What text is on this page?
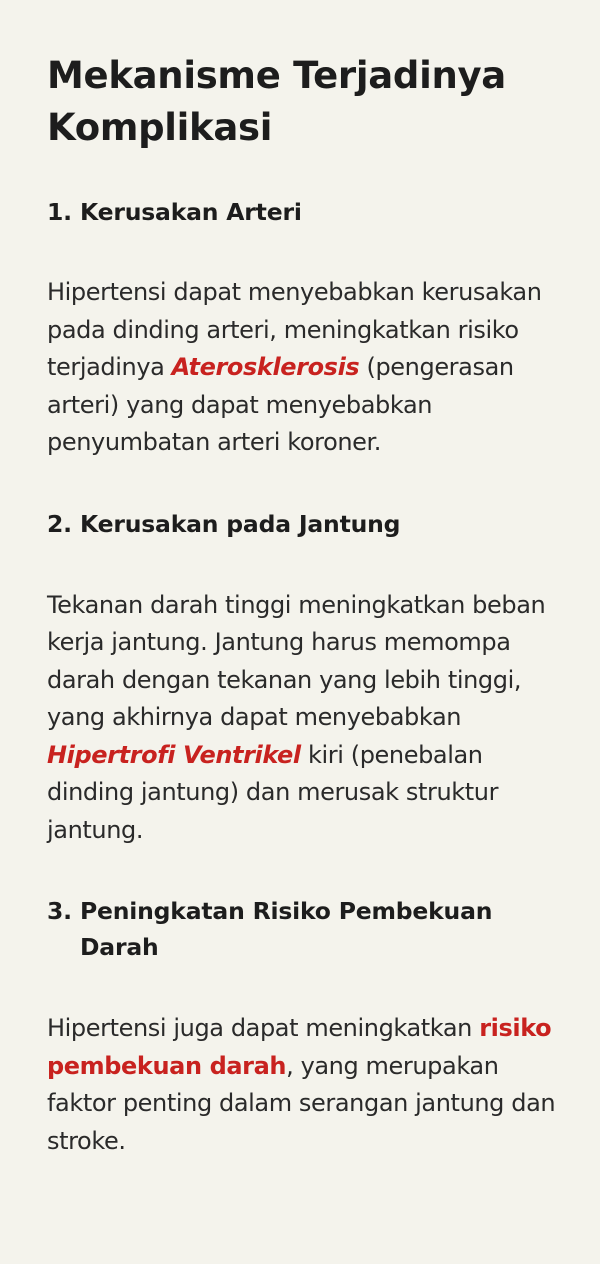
Mekanisme Terjadinya Komplikasi
1. Kerusakan Arteri

Hipertensi dapat menyebabkan kerusakan pada dinding arteri, meningkatkan risiko terjadinya Aterosklerosis (pengerasan arteri) yang dapat menyebabkan penyumbatan arteri koroner.

2. Kerusakan pada Jantung

Tekanan darah tinggi meningkatkan beban kerja jantung. Jantung harus memompa darah dengan tekanan yang lebih tinggi, yang akhirnya dapat menyebabkan Hipertrofi Ventrikel kiri (penebalan dinding jantung) dan merusak struktur jantung.

3. Peningkatan Risiko Pembekuan Darah

Hipertensi juga dapat meningkatkan risiko pembekuan darah, yang merupakan faktor penting dalam serangan jantung dan stroke.
